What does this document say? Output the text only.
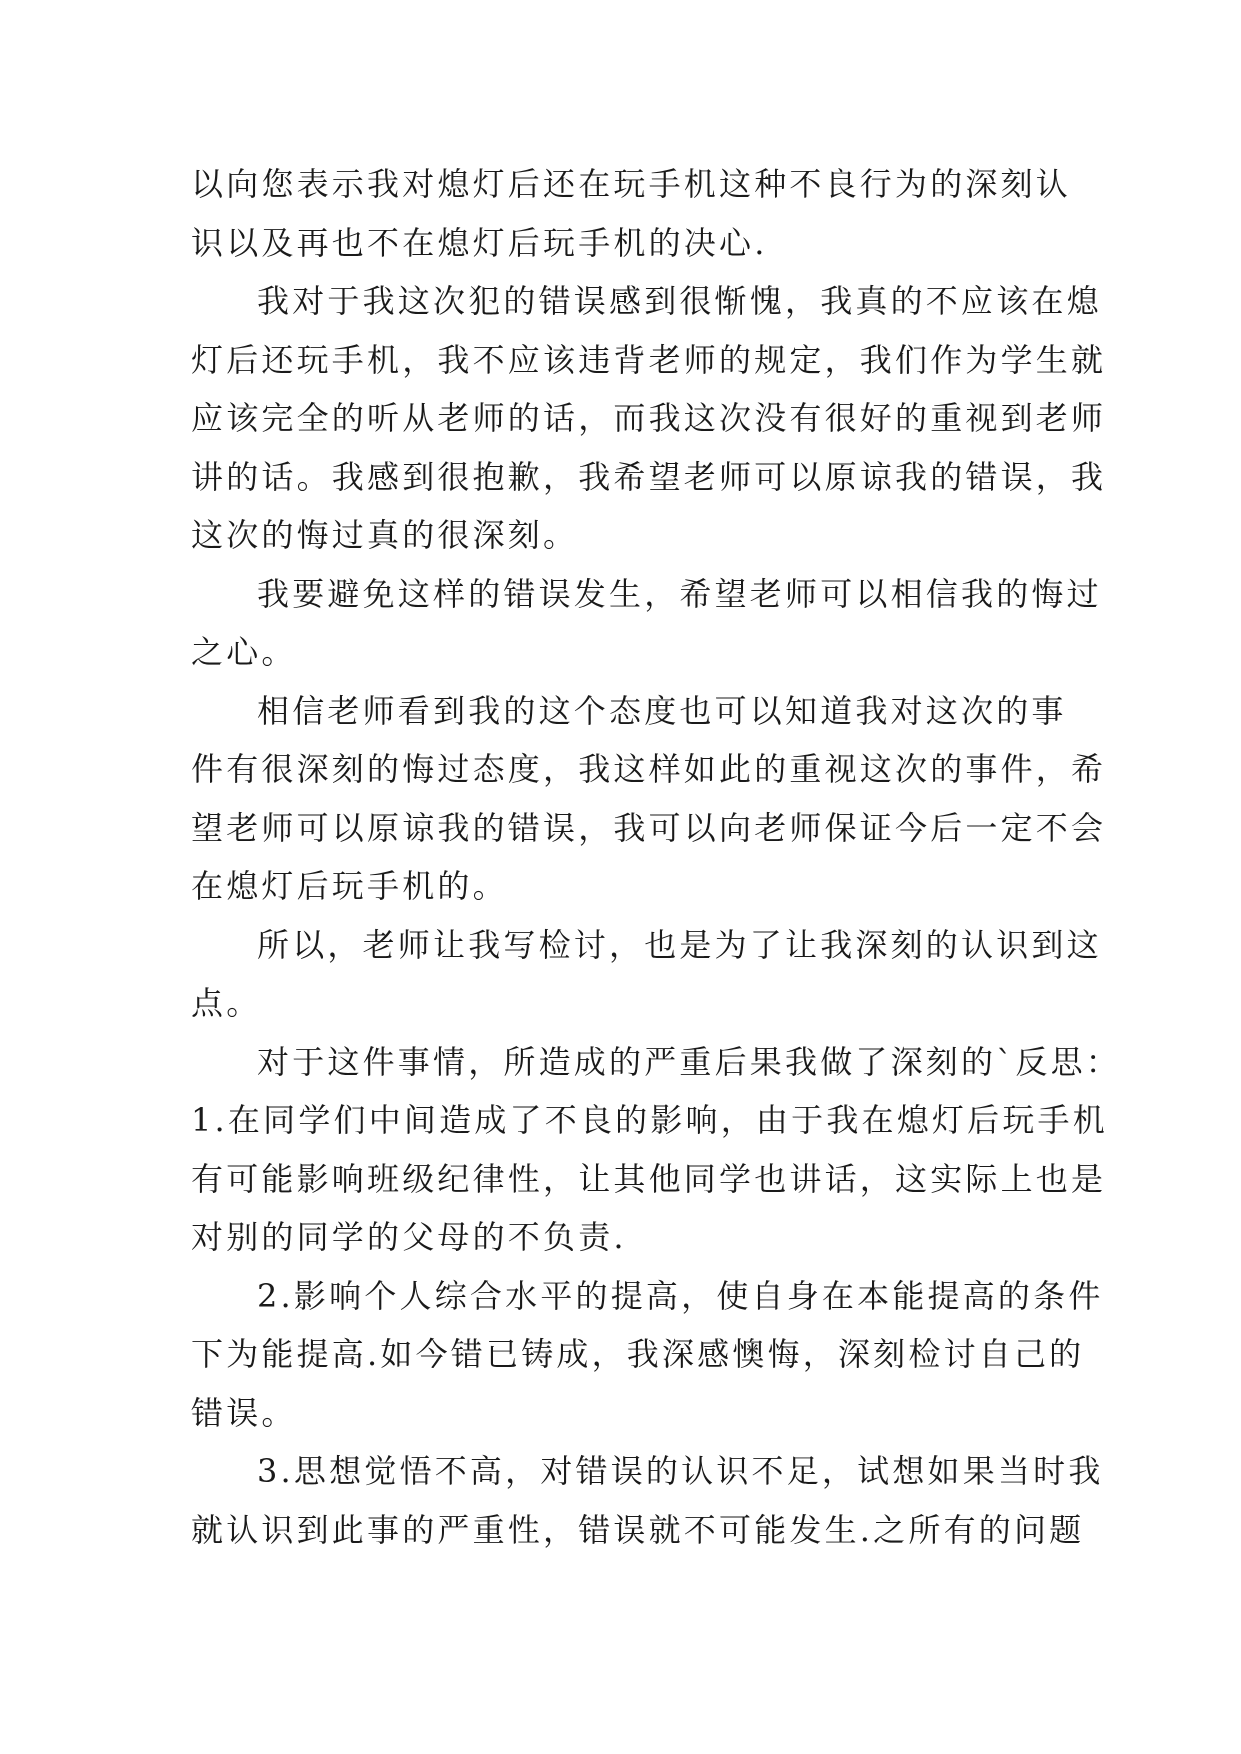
以向您表示我对熄灯后还在玩手机这种不良行为的深刻认
识以及再也不在熄灯后玩手机的决心.
我对于我这次犯的错误感到很惭愧，我真的不应该在熄
灯后还玩手机，我不应该违背老师的规定，我们作为学生就
应该完全的听从老师的话，而我这次没有很好的重视到老师
讲的话。我感到很抱歉，我希望老师可以原谅我的错误，我
这次的悔过真的很深刻。
我要避免这样的错误发生，希望老师可以相信我的悔过
之心。
相信老师看到我的这个态度也可以知道我对这次的事
件有很深刻的悔过态度，我这样如此的重视这次的事件，希
望老师可以原谅我的错误，我可以向老师保证今后一定不会
在熄灯后玩手机的。
所以，老师让我写检讨，也是为了让我深刻的认识到这
点。
对于这件事情，所造成的严重后果我做了深刻的`反思：
1.在同学们中间造成了不良的影响，由于我在熄灯后玩手机
有可能影响班级纪律性，让其他同学也讲话，这实际上也是
对别的同学的父母的不负责.
2.影响个人综合水平的提高，使自身在本能提高的条件
下为能提高.如今错已铸成，我深感懊悔，深刻检讨自己的
错误。
3.思想觉悟不高，对错误的认识不足，试想如果当时我
就认识到此事的严重性，错误就不可能发生.之所有的问题
